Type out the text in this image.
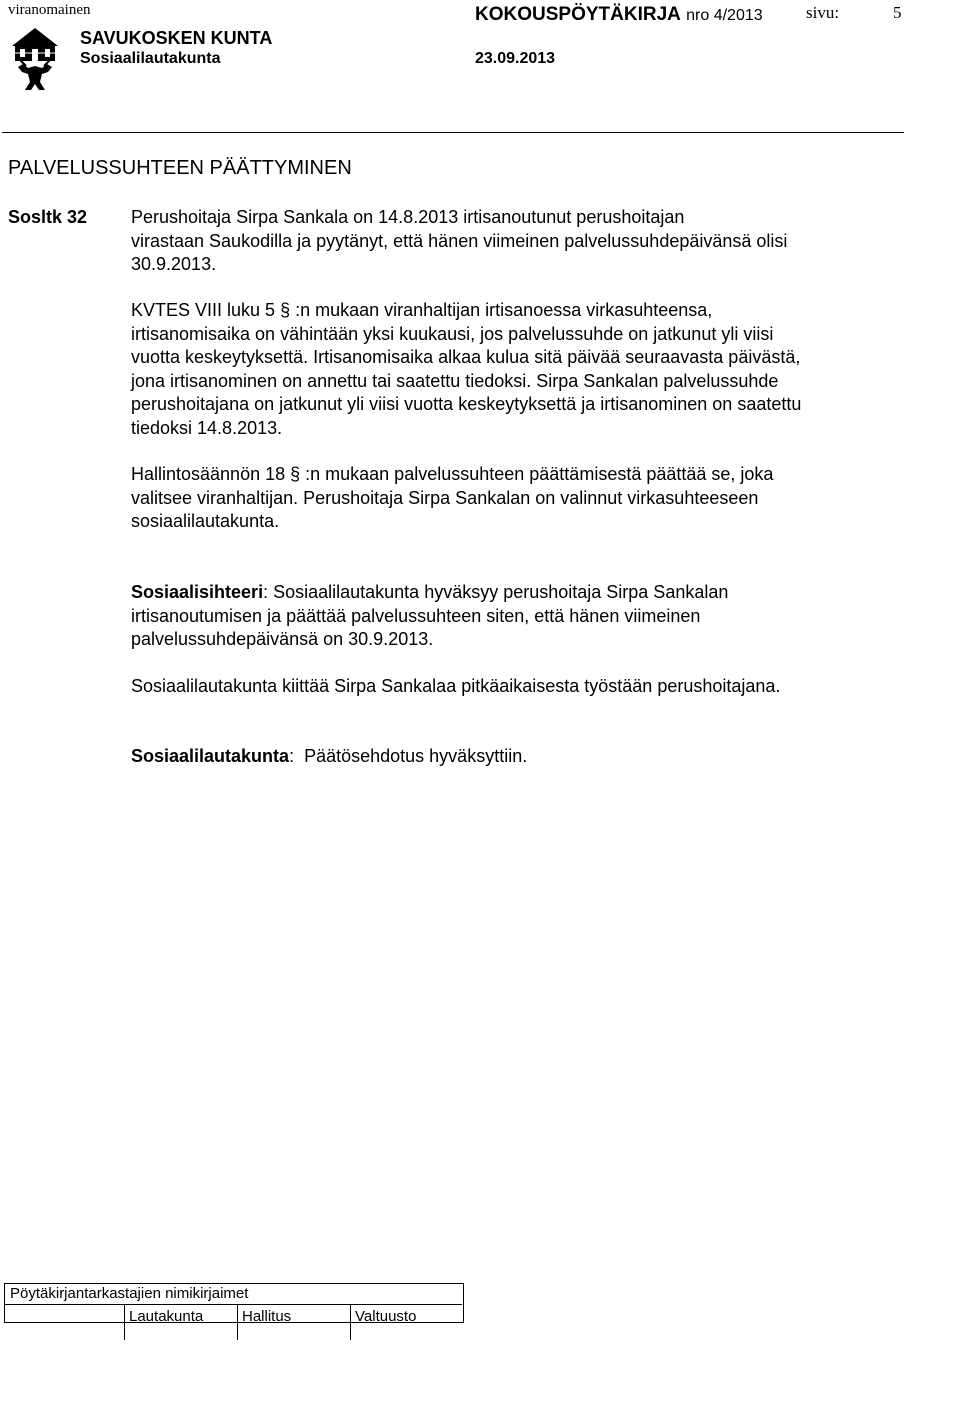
viranomainen	KOKOUSPÖYTÄKIRJA nro 4/2013	sivu:	5
SAVUKOSKEN KUNTA
Sosiaalilautakunta	23.09.2013
PALVELUSSUHTEEN PÄÄTTYMINEN
Sosltk 32 Perushoitaja Sirpa Sankala on 14.8.2013 irtisanoutunut perushoitajan

virastaan Saukodilla ja pyytänyt, että hänen viimeinen palvelussuhdepäivänsä olisi

30.9.2013.

KVTES VIII luku 5 § :n mukaan viranhaltijan irtisanoessa virkasuhteensa,

irtisanomisaika on vähintään yksi kuukausi, jos palvelussuhde on jatkunut yli viisi

vuotta keskeytyksettä. Irtisanomisaika alkaa kulua sitä päivää seuraavasta päivästä,

jona irtisanominen on annettu tai saatettu tiedoksi. Sirpa Sankalan palvelussuhde

perushoitajana on jatkunut yli viisi vuotta keskeytyksettä ja irtisanominen on saatettu

tiedoksi 14.8.2013.

Hallintosäännön 18 § :n mukaan palvelussuhteen päättämisestä päättää se, joka

valitsee viranhaltijan. Perushoitaja Sirpa Sankalan on valinnut virkasuhteeseen

sosiaalilautakunta.

Sosiaalisihteeri: Sosiaalilautakunta hyväksyy perushoitaja Sirpa Sankalan

irtisanoutumisen ja päättää palvelussuhteen siten, että hänen viimeinen

palvelussuhdepäivänsä on 30.9.2013.

Sosiaalilautakunta kiittää Sirpa Sankalaa pitkäaikaisesta työstään perushoitajana.

Sosiaalilautakunta:  Päätösehdotus hyväksyttiin.

Pöytäkirjantarkastajien nimikirjaimet
Lautakunta	Hallitus	Valtuusto
